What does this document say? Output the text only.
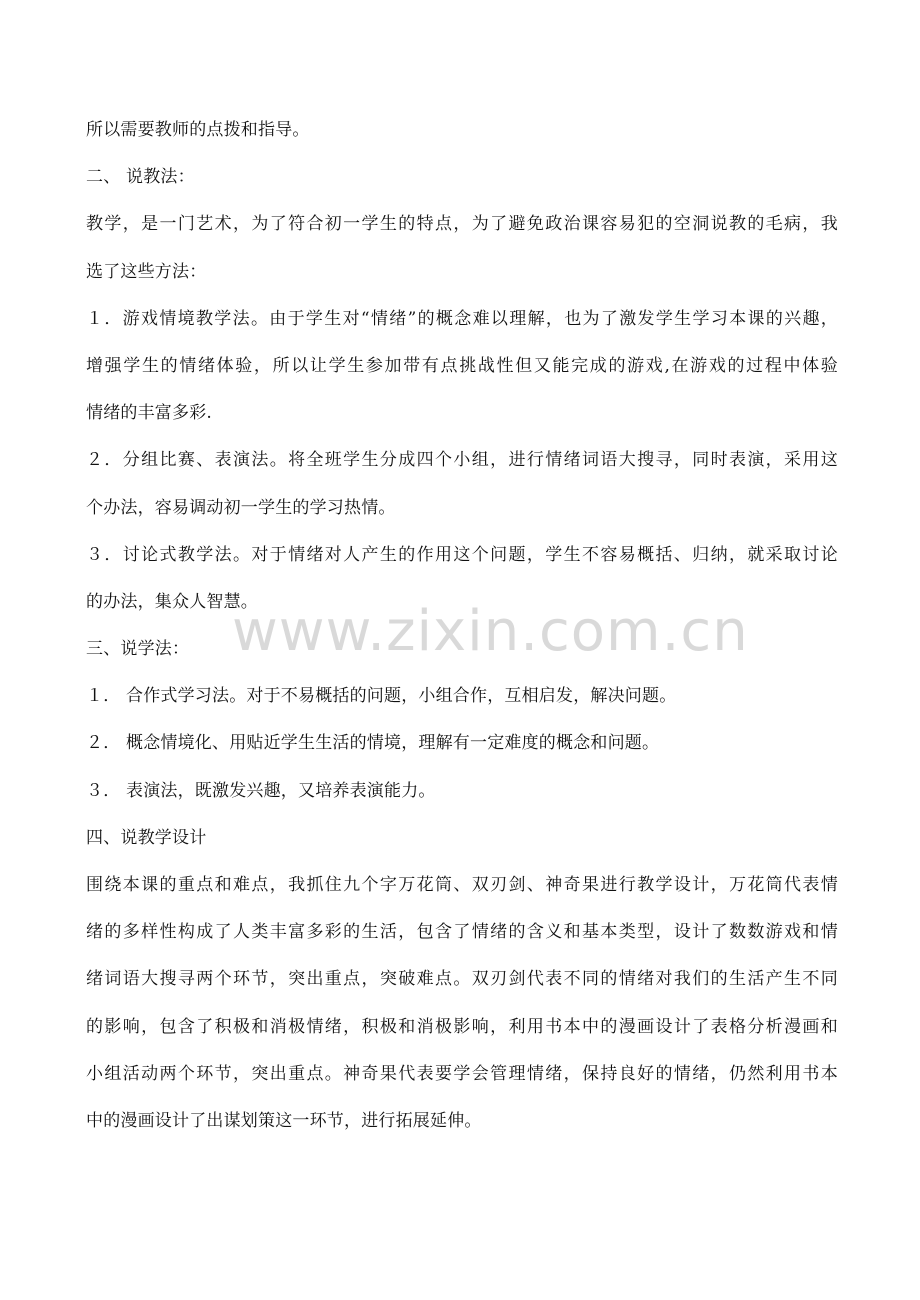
所以需要教师的点拨和指导。
二、 说教法：
教学，是一门艺术，为了符合初一学生的特点，为了避免政治课容易犯的空洞说教的毛病，我
选了这些方法：
１．游戏情境教学法。由于学生对“情绪”的概念难以理解，也为了激发学生学习本课的兴趣，
增强学生的情绪体验，所以让学生参加带有点挑战性但又能完成的游戏,在游戏的过程中体验
情绪的丰富多彩.
２．分组比赛、表演法。将全班学生分成四个小组，进行情绪词语大搜寻，同时表演，采用这
个办法，容易调动初一学生的学习热情。
３．讨论式教学法。对于情绪对人产生的作用这个问题，学生不容易概括、归纳，就采取讨论
的办法，集众人智慧。
三、说学法：
１． 合作式学习法。对于不易概括的问题，小组合作，互相启发，解决问题。
２． 概念情境化、用贴近学生生活的情境，理解有一定难度的概念和问题。
３． 表演法，既激发兴趣，又培养表演能力。
四、说教学设计
围绕本课的重点和难点，我抓住九个字万花筒、双刃剑、神奇果进行教学设计，万花筒代表情
绪的多样性构成了人类丰富多彩的生活，包含了情绪的含义和基本类型，设计了数数游戏和情
绪词语大搜寻两个环节，突出重点，突破难点。双刃剑代表不同的情绪对我们的生活产生不同
的影响，包含了积极和消极情绪，积极和消极影响，利用书本中的漫画设计了表格分析漫画和
小组活动两个环节，突出重点。神奇果代表要学会管理情绪，保持良好的情绪，仍然利用书本
中的漫画设计了出谋划策这一环节，进行拓展延伸。
www.zixin.com.cn
